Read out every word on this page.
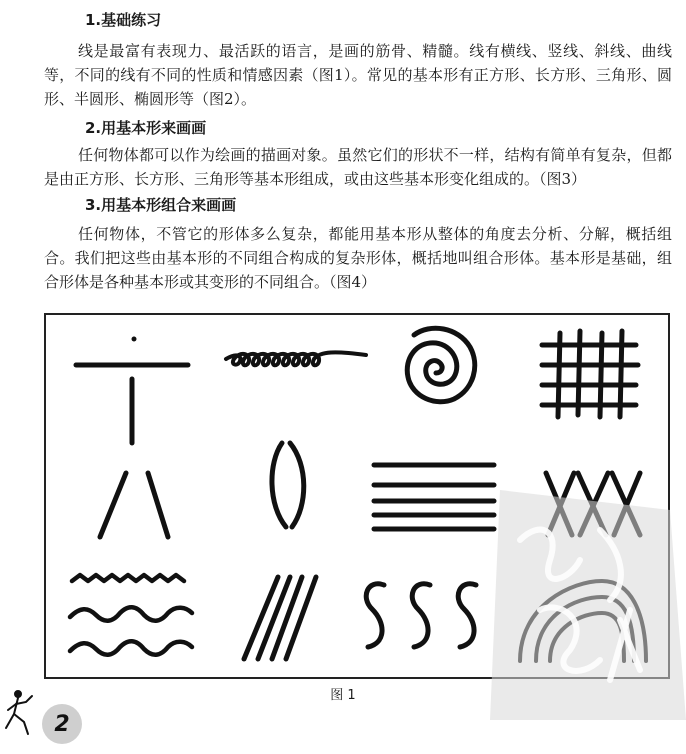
1.基础练习

线是最富有表现力、最活跃的语言，是画的筋骨、精髓。线有横线、竖线、斜线、曲线等，不同的线有不同的性质和情感因素（图1）。常见的基本形有正方形、长方形、三角形、圆形、半圆形、椭圆形等（图2）。

2.用基本形来画画

任何物体都可以作为绘画的描画对象。虽然它们的形状不一样，结构有简单有复杂，但都是由正方形、长方形、三角形等基本形组成，或由这些基本形变化组成的。（图3）

3.用基本形组合来画画

任何物体，不管它的形体多么复杂，都能用基本形从整体的角度去分析、分解，概括组合。我们把这些由基本形的不同组合构成的复杂形体，概括地叫组合形体。基本形是基础，组合形体是各种基本形或其变形的不同组合。（图4）

图 1
2
